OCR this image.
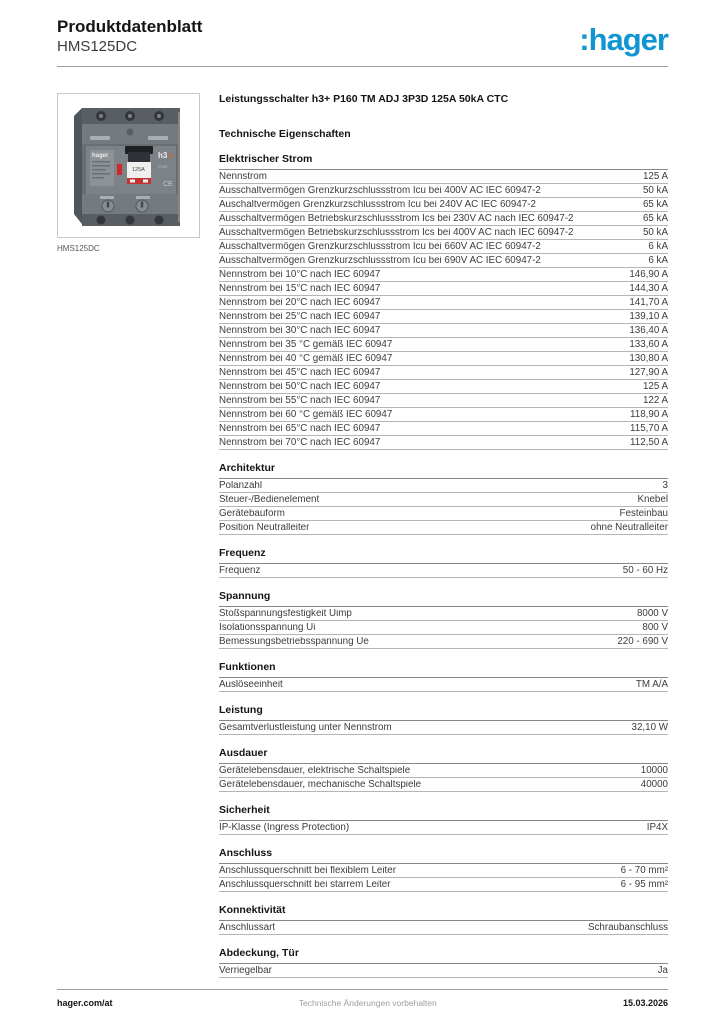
Produktdatenblatt
HMS125DC	:hager
hager
125A
h3 +
P160
CE
HMS125DC
Leistungsschalter h3+ P160 TM ADJ 3P3D 125A 50kA CTC
Technische Eigenschaften
Elektrischer Strom
Nennstrom	125 A
Ausschaltvermögen Grenzkurzschlussstrom Icu bei 400V AC IEC 60947-2	50 kA
Auschaltvermögen Grenzkurzschlussstrom Icu bei 240V AC IEC 60947-2	65 kA
Ausschaltvermögen Betriebskurzschlussstrom Ics bei 230V AC nach IEC 60947-2	65 kA
Ausschaltvermögen Betriebskurzschlussstrom Ics bei 400V AC nach IEC 60947-2	50 kA
Ausschaltvermögen Grenzkurzschlussstrom Icu bei 660V AC IEC 60947-2	6 kA
Ausschaltvermögen Grenzkurzschlussstrom Icu bei 690V AC IEC 60947-2	6 kA
Nennstrom bei 10°C nach IEC 60947	146,90 A
Nennstrom bei 15°C nach IEC 60947	144,30 A
Nennstrom bei 20°C nach IEC 60947	141,70 A
Nennstrom bei 25°C nach IEC 60947	139,10 A
Nennstrom bei 30°C nach IEC 60947	136,40 A
Nennstrom bei 35 °C gemäß IEC 60947	133,60 A
Nennstrom bei 40 °C gemäß IEC 60947	130,80 A
Nennstrom bei 45°C nach IEC 60947	127,90 A
Nennstrom bei 50°C nach IEC 60947	125 A
Nennstrom bei 55°C nach IEC 60947	122 A
Nennstrom bei 60 °C gemäß IEC 60947	118,90 A
Nennstrom bei 65°C nach IEC 60947	115,70 A
Nennstrom bei 70°C nach IEC 60947	112,50 A
Architektur
Polanzahl	3
Steuer-/Bedienelement	Knebel
Gerätebauform	Festeinbau
Position Neutralleiter	ohne Neutralleiter
Frequenz
Frequenz	50 - 60 Hz
Spannung
Stoßspannungsfestigkeit Uimp	8000 V
Isolationsspannung Ui	800 V
Bemessungsbetriebsspannung Ue	220 - 690 V
Funktionen
Auslöseeinheit	TM A/A
Leistung
Gesamtverlustleistung unter Nennstrom	32,10 W
Ausdauer
Gerätelebensdauer, elektrische Schaltspiele	10000
Gerätelebensdauer, mechanische Schaltspiele	40000
Sicherheit
IP-Klasse (Ingress Protection)	IP4X
Anschluss
Anschlussquerschnitt bei flexiblem Leiter	6 - 70 mm²
Anschlussquerschnitt bei starrem Leiter	6 - 95 mm²
Konnektivität
Anschlussart	Schraubanschluss
Abdeckung, Tür
Verriegelbar	Ja
hager.com/at	Technische Änderungen vorbehalten	15.03.2026
